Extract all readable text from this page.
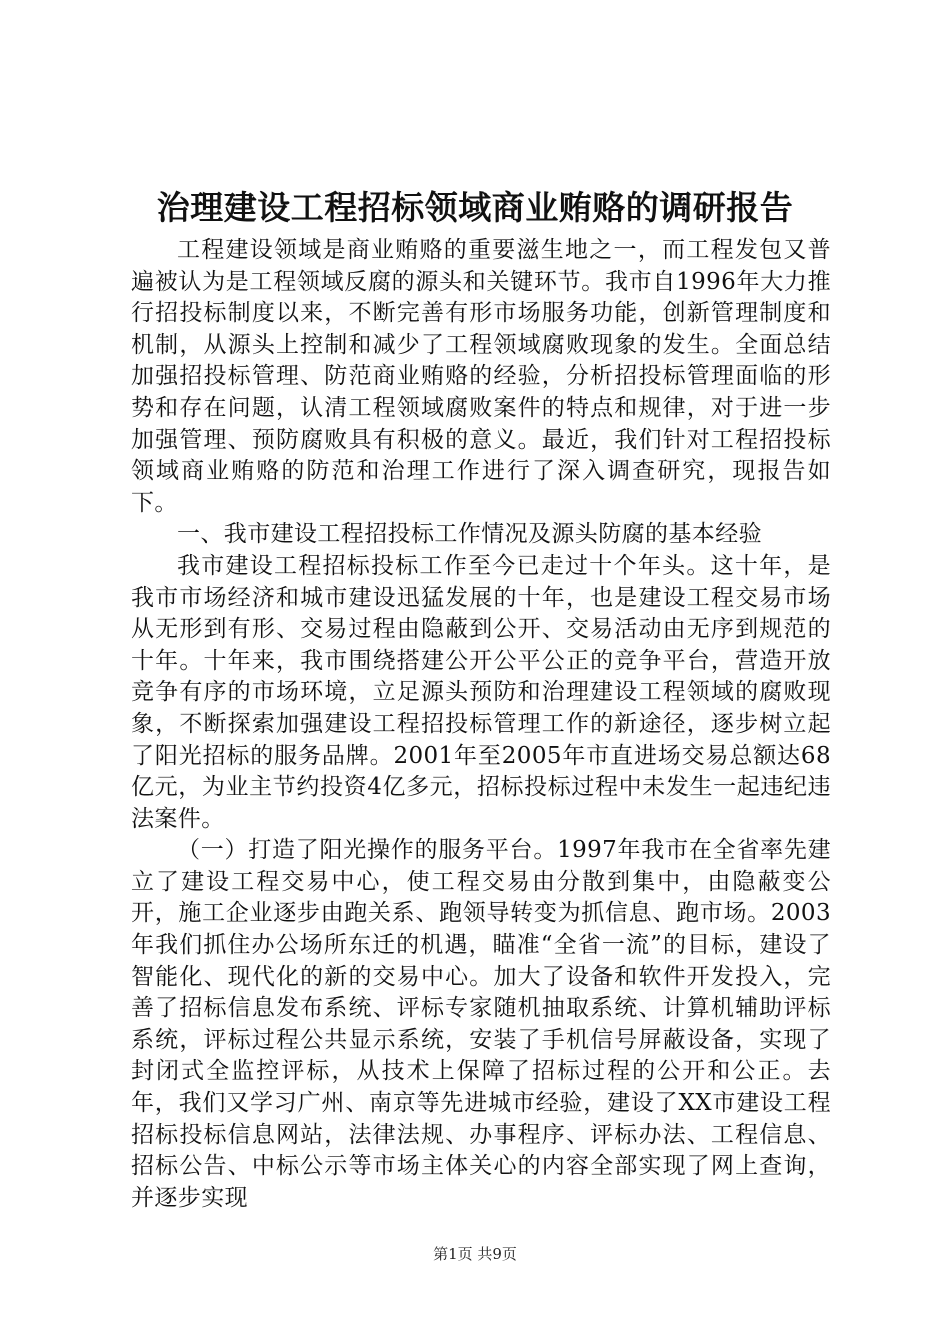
治理建设工程招标领域商业贿赂的调研报告

工程建设领域是商业贿赂的重要滋生地之一，而工程发包又普遍被认为是工程领域反腐的源头和关键环节。我市自1996年大力推行招投标制度以来，不断完善有形市场服务功能，创新管理制度和机制，从源头上控制和减少了工程领域腐败现象的发生。全面总结加强招投标管理、防范商业贿赂的经验，分析招投标管理面临的形势和存在问题，认清工程领域腐败案件的特点和规律，对于进一步加强管理、预防腐败具有积极的意义。最近，我们针对工程招投标领域商业贿赂的防范和治理工作进行了深入调查研究，现报告如下。

一、我市建设工程招投标工作情况及源头防腐的基本经验

我市建设工程招标投标工作至今已走过十个年头。这十年，是我市市场经济和城市建设迅猛发展的十年，也是建设工程交易市场从无形到有形、交易过程由隐蔽到公开、交易活动由无序到规范的十年。十年来，我市围绕搭建公开公平公正的竞争平台，营造开放竞争有序的市场环境，立足源头预防和治理建设工程领域的腐败现象，不断探索加强建设工程招投标管理工作的新途径，逐步树立起了阳光招标的服务品牌。2001年至2005年市直进场交易总额达68亿元，为业主节约投资4亿多元，招标投标过程中未发生一起违纪违法案件。

（一）打造了阳光操作的服务平台。1997年我市在全省率先建立了建设工程交易中心，使工程交易由分散到集中，由隐蔽变公开，施工企业逐步由跑关系、跑领导转变为抓信息、跑市场。2003年我们抓住办公场所东迁的机遇，瞄准“全省一流”的目标，建设了智能化、现代化的新的交易中心。加大了设备和软件开发投入，完善了招标信息发布系统、评标专家随机抽取系统、计算机辅助评标系统，评标过程公共显示系统，安装了手机信号屏蔽设备，实现了封闭式全监控评标，从技术上保障了招标过程的公开和公正。去年，我们又学习广州、南京等先进城市经验，建设了XX市建设工程招标投标信息网站，法律法规、办事程序、评标办法、工程信息、招标公告、中标公示等市场主体关心的内容全部实现了网上查询，并逐步实现

第1页 共9页
